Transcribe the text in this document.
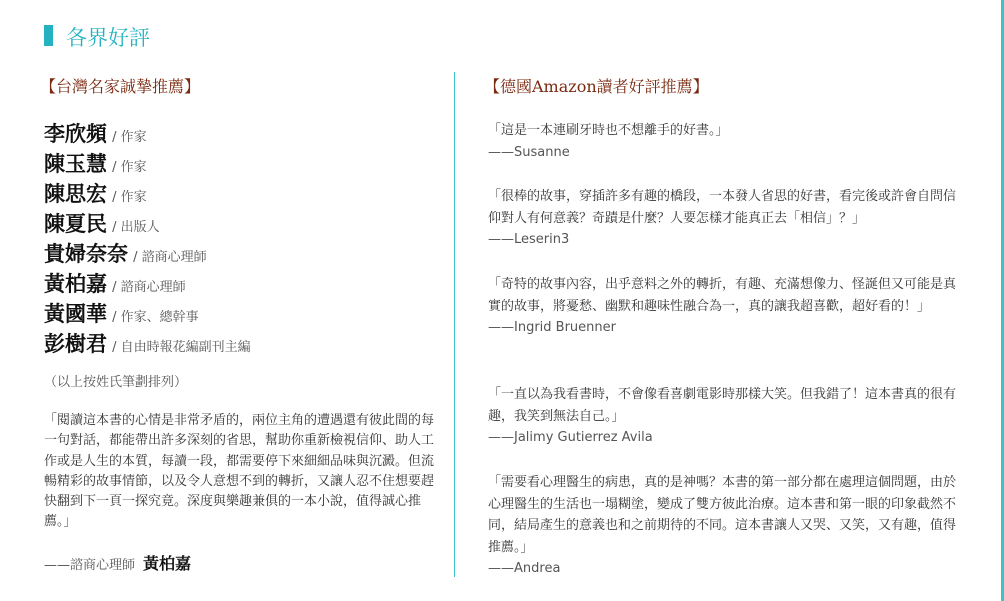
各界好評
【台灣名家誠摯推薦】	【德國Amazon讀者好評推薦】
李欣頻 / 作家
陳玉慧 / 作家
陳思宏 / 作家
陳夏民 / 出版人
貴婦奈奈 / 諮商心理師
黃柏嘉 / 諮商心理師
黃國華 / 作家、總幹事
彭樹君 / 自由時報花編副刊主編
（以上按姓氏筆劃排列）
「閱讀這本書的心情是非常矛盾的，兩位主角的遭遇還有彼此間的每一句對話，都能帶出許多深刻的省思，幫助你重新檢視信仰、助人工作或是人生的本質，每讀一段，都需要停下來細細品味與沉澱。但流暢精彩的故事情節，以及令人意想不到的轉折，又讓人忍不住想要趕快翻到下一頁一探究竟。深度與樂趣兼俱的一本小說，值得誠心推薦。」
——諮商心理師 黃柏嘉
「這是一本連刷牙時也不想離手的好書。」
——Susanne
「很棒的故事，穿插許多有趣的橋段，一本發人省思的好書，看完後或許會自問信仰對人有何意義？奇蹟是什麼？人要怎樣才能真正去「相信」？」
——Leserin3
「奇特的故事內容，出乎意料之外的轉折，有趣、充滿想像力、怪誕但又可能是真實的故事，將憂愁、幽默和趣味性融合為一，真的讓我超喜歡，超好看的！」
——Ingrid Bruenner
「一直以為我看書時，不會像看喜劇電影時那樣大笑。但我錯了！這本書真的很有趣，我笑到無法自己。」
——Jalimy Gutierrez Avila
「需要看心理醫生的病患，真的是神嗎？本書的第一部分都在處理這個問題，由於心理醫生的生活也一塌糊塗，變成了雙方彼此治療。這本書和第一眼的印象截然不同，結局產生的意義也和之前期待的不同。這本書讓人又哭、又笑，又有趣，值得推薦。」
——Andrea
